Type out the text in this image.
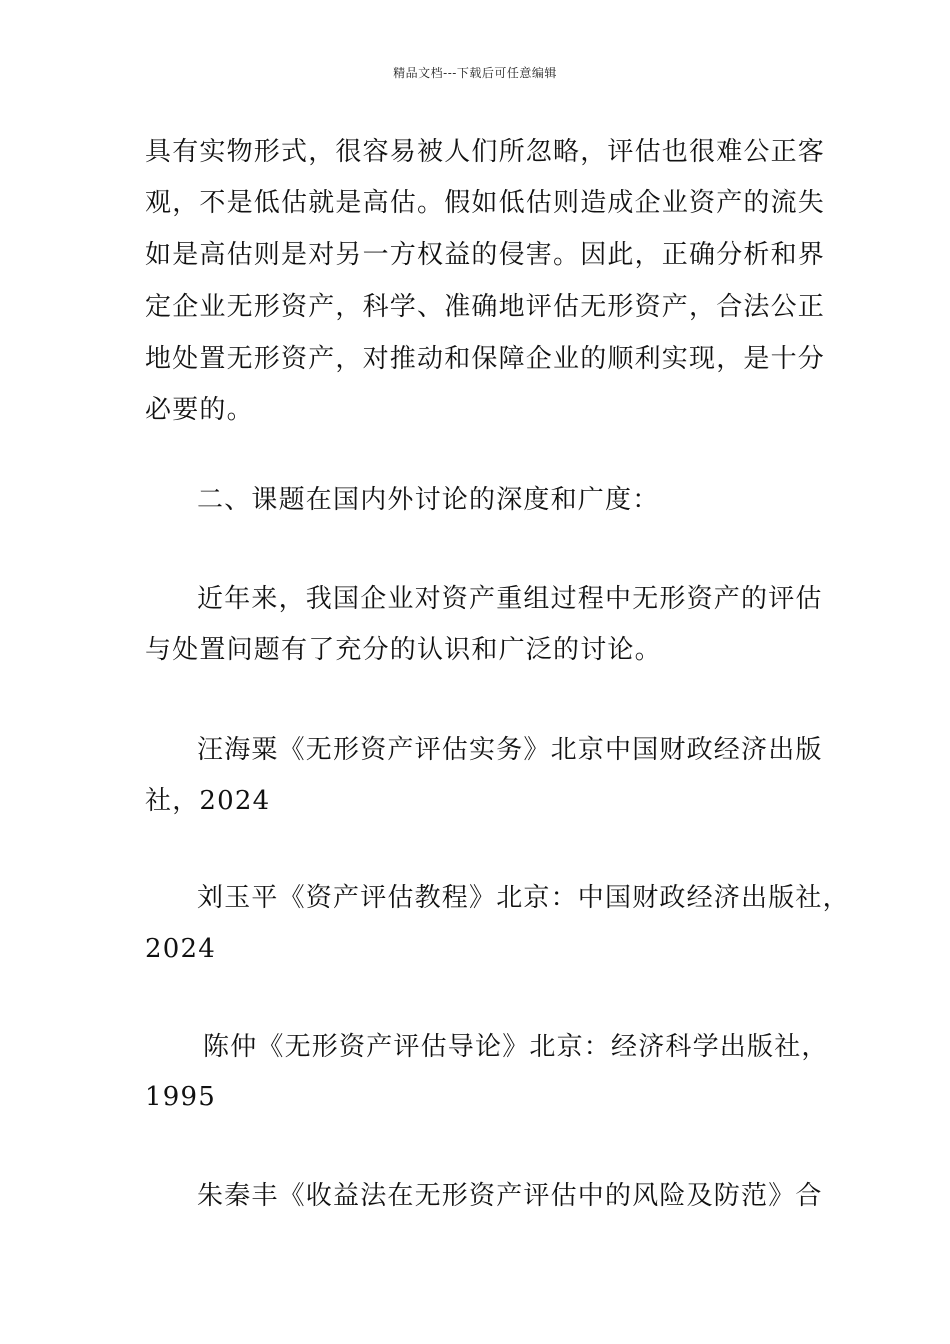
精品文档---下载后可任意编辑
具有实物形式，很容易被人们所忽略，评估也很难公正客
观，不是低估就是高估。假如低估则造成企业资产的流失
如是高估则是对另一方权益的侵害。因此，正确分析和界
定企业无形资产，科学、准确地评估无形资产，合法公正
地处置无形资产，对推动和保障企业的顺利实现，是十分
必要的。
二、课题在国内外讨论的深度和广度：
近年来，我国企业对资产重组过程中无形资产的评估
与处置问题有了充分的认识和广泛的讨论。
汪海粟《无形资产评估实务》北京中国财政经济出版
社，2024
刘玉平《资产评估教程》北京：中国财政经济出版社，
2024
陈仲《无形资产评估导论》北京：经济科学出版社，
1995
朱秦丰《收益法在无形资产评估中的风险及防范》合
